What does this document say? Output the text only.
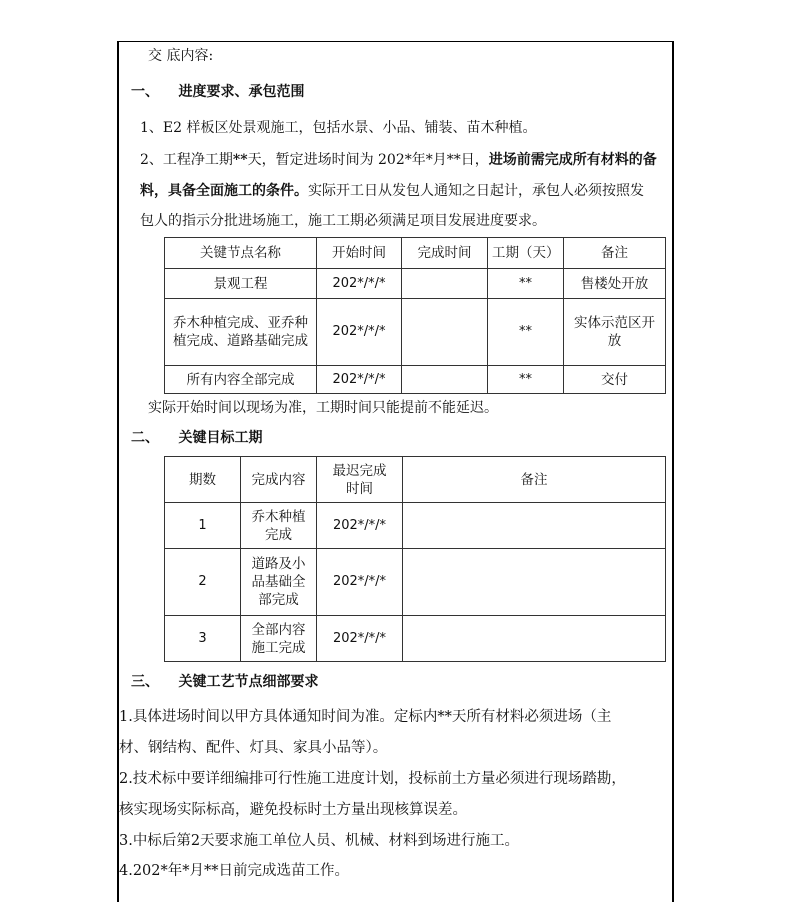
交 底内容:
一、    进度要求、承包范围
1、E2 样板区处景观施工，包括水景、小品、铺装、苗木种植。
2、工程净工期**天，暂定进场时间为 202*年*月**日，进场前需完成所有材料的备
料，具备全面施工的条件。实际开工日从发包人通知之日起计，承包人必须按照发
包人的指示分批进场施工，施工工期必须满足项目发展进度要求。
关键节点名称	开始时间	完成时间	工期（天）	备注
景观工程	202*/*/*		**	售楼处开放
乔木种植完成、亚乔种植完成、道路基础完成	202*/*/*		**	实体示范区开放
所有内容全部完成	202*/*/*		**	交付
实际开始时间以现场为准，工期时间只能提前不能延迟。
二、    关键目标工期
期数	完成内容	最迟完成时间	备注
1	乔木种植完成	202*/*/*	
2	道路及小品基础全部完成	202*/*/*	
3	全部内容施工完成	202*/*/*	
三、    关键工艺节点细部要求
1.具体进场时间以甲方具体通知时间为准。定标内**天所有材料必须进场（主
材、钢结构、配件、灯具、家具小品等）。
2.技术标中要详细编排可行性施工进度计划，投标前土方量必须进行现场踏勘，
核实现场实际标高，避免投标时土方量出现核算误差。
3.中标后第2天要求施工单位人员、机械、材料到场进行施工。
4.202*年*月**日前完成选苗工作。
